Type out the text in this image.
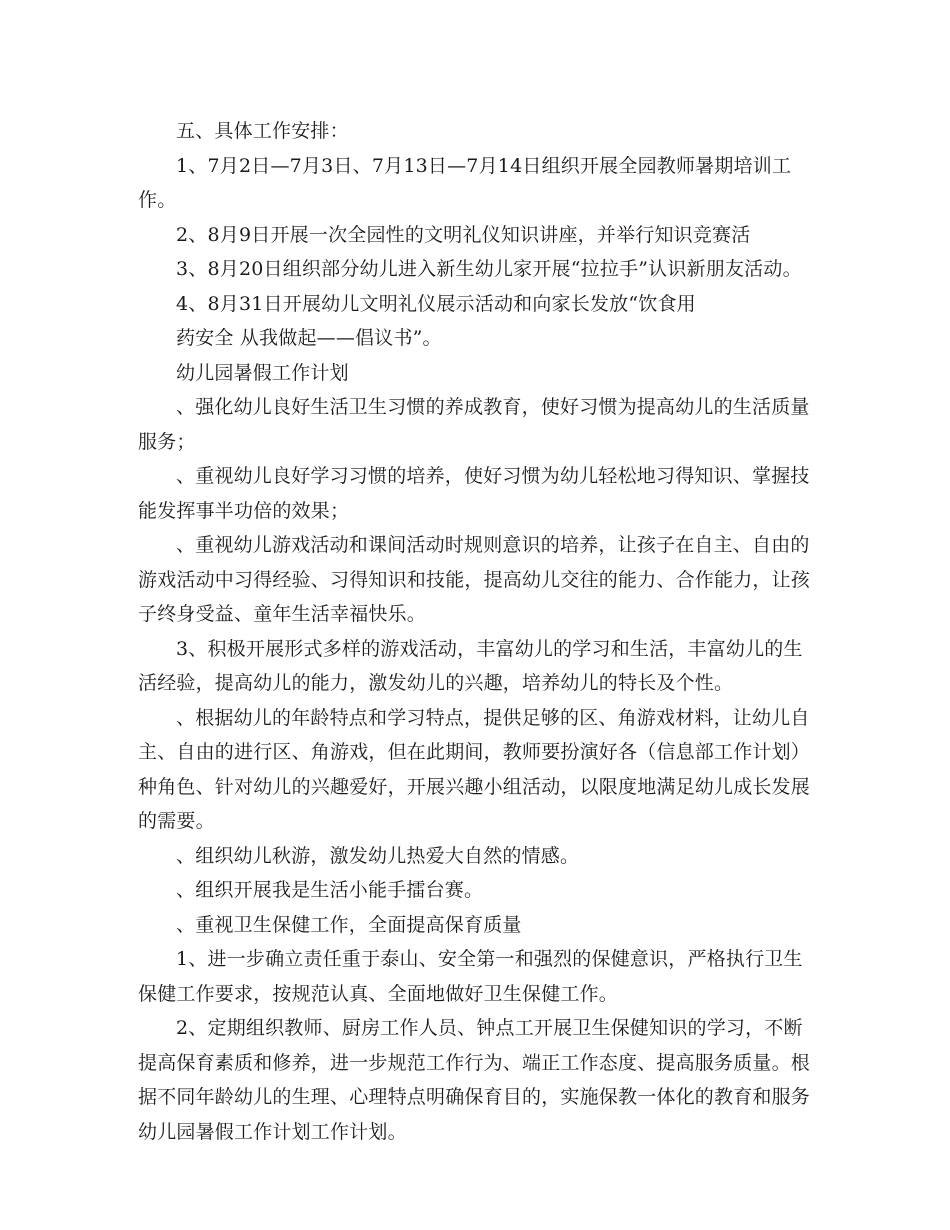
五、具体工作安排：

1、7月2日—7月3日、7月13日—7月14日组织开展全园教师暑期培训工作。

2、8月9日开展一次全园性的文明礼仪知识讲座，并举行知识竞赛活

3、8月20日组织部分幼儿进入新生幼儿家开展“拉拉手”认识新朋友活动。

4、8月31日开展幼儿文明礼仪展示活动和向家长发放“饮食用

药安全 从我做起——倡议书”。

幼儿园暑假工作计划

、强化幼儿良好生活卫生习惯的养成教育，使好习惯为提高幼儿的生活质量服务；

、重视幼儿良好学习习惯的培养，使好习惯为幼儿轻松地习得知识、掌握技能发挥事半功倍的效果；

、重视幼儿游戏活动和课间活动时规则意识的培养，让孩子在自主、自由的游戏活动中习得经验、习得知识和技能，提高幼儿交往的能力、合作能力，让孩子终身受益、童年生活幸福快乐。

3、积极开展形式多样的游戏活动，丰富幼儿的学习和生活，丰富幼儿的生活经验，提高幼儿的能力，激发幼儿的兴趣，培养幼儿的特长及个性。

、根据幼儿的年龄特点和学习特点，提供足够的区、角游戏材料，让幼儿自主、自由的进行区、角游戏，但在此期间，教师要扮演好各（信息部工作计划）种角色、针对幼儿的兴趣爱好，开展兴趣小组活动，以限度地满足幼儿成长发展的需要。

、组织幼儿秋游，激发幼儿热爱大自然的情感。

、组织开展我是生活小能手擂台赛。

、重视卫生保健工作，全面提高保育质量

1、进一步确立责任重于泰山、安全第一和强烈的保健意识，严格执行卫生保健工作要求，按规范认真、全面地做好卫生保健工作。

2、定期组织教师、厨房工作人员、钟点工开展卫生保健知识的学习，不断提高保育素质和修养，进一步规范工作行为、端正工作态度、提高服务质量。根据不同年龄幼儿的生理、心理特点明确保育目的，实施保教一体化的教育和服务幼儿园暑假工作计划工作计划。
